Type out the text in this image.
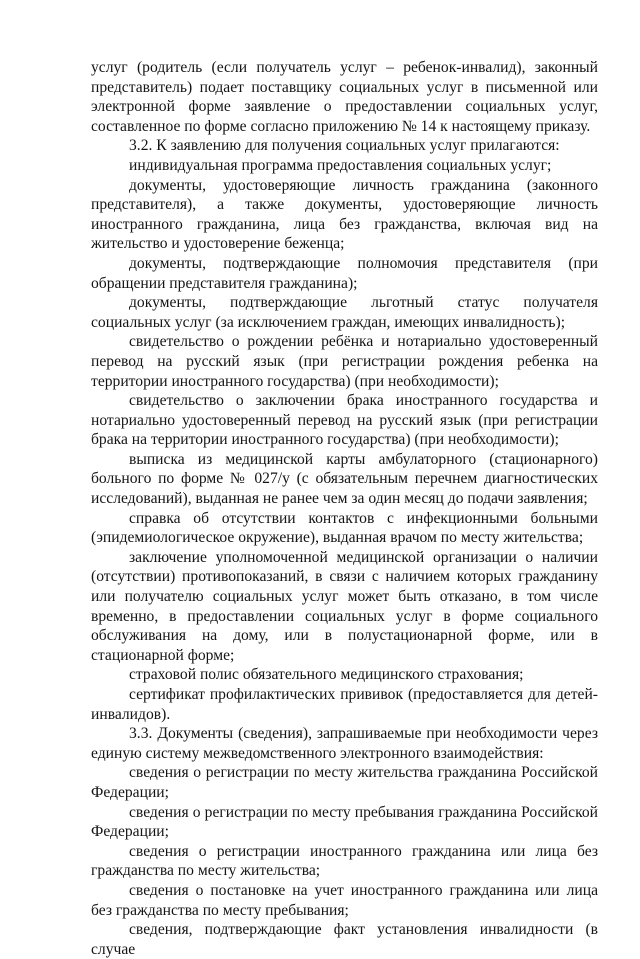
услуг (родитель (если получатель услуг – ребенок-инвалид), законный представитель) подает поставщику социальных услуг в письменной или электронной форме заявление о предоставлении социальных услуг, составленное по форме согласно приложению № 14 к настоящему приказу.

3.2. К заявлению для получения социальных услуг прилагаются:

индивидуальная программа предоставления социальных услуг;

документы, удостоверяющие личность гражданина (законного представителя), а также документы, удостоверяющие личность иностранного гражданина, лица без гражданства, включая вид на жительство и удостоверение беженца;

документы, подтверждающие полномочия представителя (при обращении представителя гражданина);

документы, подтверждающие льготный статус получателя социальных услуг (за исключением граждан, имеющих инвалидность);

свидетельство о рождении ребёнка и нотариально удостоверенный перевод на русский язык (при регистрации рождения ребенка на территории иностранного государства) (при необходимости);

свидетельство о заключении брака иностранного государства и нотариально удостоверенный перевод на русский язык (при регистрации брака на территории иностранного государства) (при необходимости);

выписка из медицинской карты амбулаторного (стационарного) больного по форме № 027/у (с обязательным перечнем диагностических исследований), выданная не ранее чем за один месяц до подачи заявления;

справка об отсутствии контактов с инфекционными больными (эпидемиологическое окружение), выданная врачом по месту жительства;

заключение уполномоченной медицинской организации о наличии (отсутствии) противопоказаний, в связи с наличием которых гражданину или получателю социальных услуг может быть отказано, в том числе временно, в предоставлении социальных услуг в форме социального обслуживания на дому, или в полустационарной форме, или в стационарной форме;

страховой полис обязательного медицинского страхования;

сертификат профилактических прививок (предоставляется для детей-инвалидов).

3.3. Документы (сведения), запрашиваемые при необходимости через единую систему межведомственного электронного взаимодействия:

сведения о регистрации по месту жительства гражданина Российской Федерации;

сведения о регистрации по месту пребывания гражданина Российской Федерации;

сведения о регистрации иностранного гражданина или лица без гражданства по месту жительства;

сведения о постановке на учет иностранного гражданина или лица без гражданства по месту пребывания;

сведения, подтверждающие факт установления инвалидности (в случае
